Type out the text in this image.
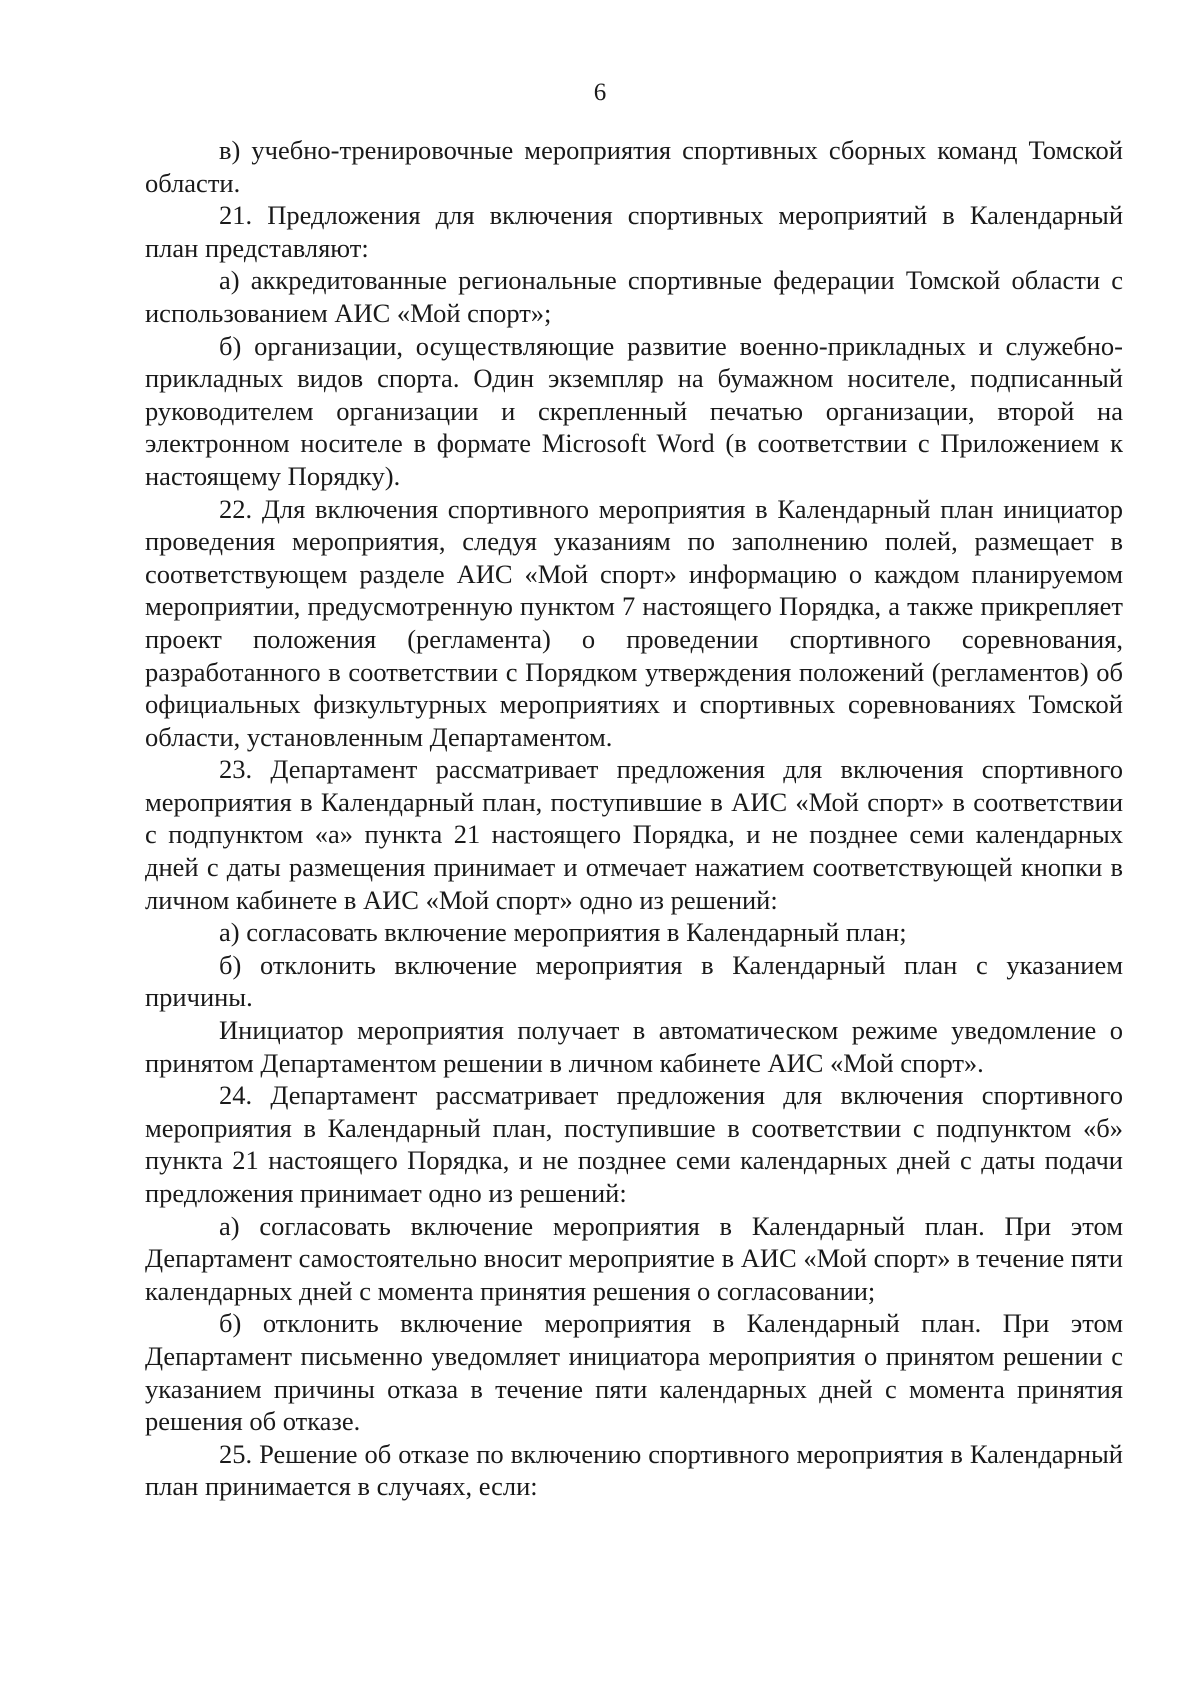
6

в) учебно-тренировочные мероприятия спортивных сборных команд Томской области.

21. Предложения для включения спортивных мероприятий в Календарный план представляют:

а) аккредитованные региональные спортивные федерации Томской области с использованием АИС «Мой спорт»;

б) организации, осуществляющие развитие военно-прикладных и служебно-прикладных видов спорта. Один экземпляр на бумажном носителе, подписанный руководителем организации и скрепленный печатью организации, второй на электронном носителе в формате Microsoft Word (в соответствии с Приложением к настоящему Порядку).

22. Для включения спортивного мероприятия в Календарный план инициатор проведения мероприятия, следуя указаниям по заполнению полей, размещает в соответствующем разделе АИС «Мой спорт» информацию о каждом планируемом мероприятии, предусмотренную пунктом 7 настоящего Порядка, а также прикрепляет проект положения (регламента) о проведении спортивного соревнования, разработанного в соответствии с Порядком утверждения положений (регламентов) об официальных физкультурных мероприятиях и спортивных соревнованиях Томской области, установленным Департаментом.

23. Департамент рассматривает предложения для включения спортивного мероприятия в Календарный план, поступившие в АИС «Мой спорт» в соответствии с подпунктом «а» пункта 21 настоящего Порядка, и не позднее семи календарных дней с даты размещения принимает и отмечает нажатием соответствующей кнопки в личном кабинете в АИС «Мой спорт» одно из решений:

а) согласовать включение мероприятия в Календарный план;

б) отклонить включение мероприятия в Календарный план с указанием причины.

Инициатор мероприятия получает в автоматическом режиме уведомление о принятом Департаментом решении в личном кабинете АИС «Мой спорт».

24. Департамент рассматривает предложения для включения спортивного мероприятия в Календарный план, поступившие в соответствии с подпунктом «б» пункта 21 настоящего Порядка, и не позднее семи календарных дней с даты подачи предложения принимает одно из решений:

а) согласовать включение мероприятия в Календарный план. При этом Департамент самостоятельно вносит мероприятие в АИС «Мой спорт» в течение пяти календарных дней с момента принятия решения о согласовании;

б) отклонить включение мероприятия в Календарный план. При этом Департамент письменно уведомляет инициатора мероприятия о принятом решении с указанием причины отказа в течение пяти календарных дней с момента принятия решения об отказе.

25. Решение об отказе по включению спортивного мероприятия в Календарный план принимается в случаях, если:
